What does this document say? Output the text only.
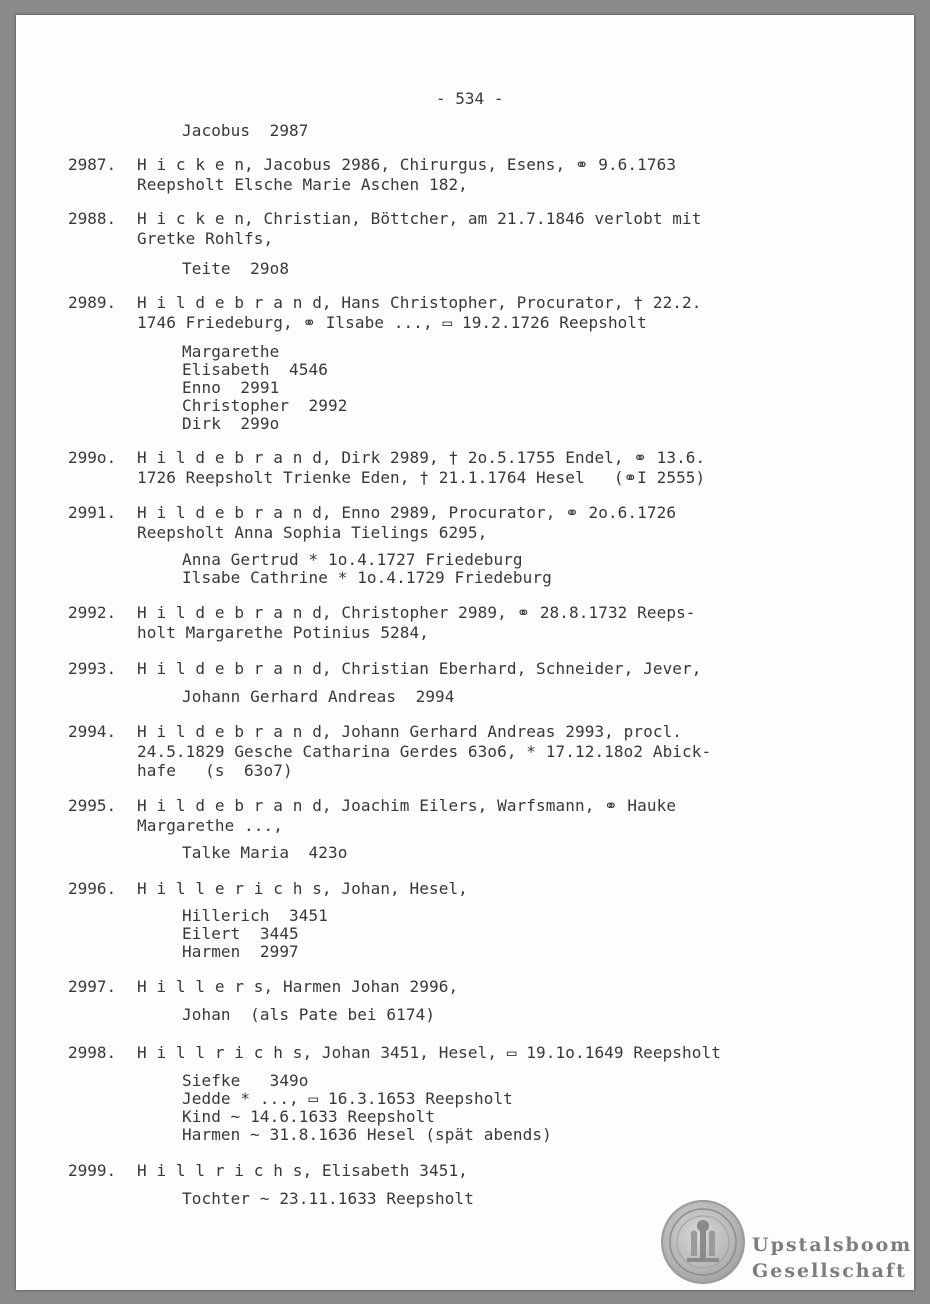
- 534 -
Jacobus  2987
2987. H i c k e n, Jacobus 2986, Chirurgus, Esens, ⚭ 9.6.1763
Reepsholt Elsche Marie Aschen 182,
2988. H i c k e n, Christian, Böttcher, am 21.7.1846 verlobt mit
Gretke Rohlfs,
Teite  29o8
2989. H i l d e b r a n d, Hans Christopher, Procurator, † 22.2.
1746 Friedeburg, ⚭ Ilsabe ..., ▭ 19.2.1726 Reepsholt
Margarethe
Elisabeth  4546
Enno  2991
Christopher  2992
Dirk  299o
299o. H i l d e b r a n d, Dirk 2989, † 2o.5.1755 Endel, ⚭ 13.6.
1726 Reepsholt Trienke Eden, † 21.1.1764 Hesel   (⚭I 2555)
2991. H i l d e b r a n d, Enno 2989, Procurator, ⚭ 2o.6.1726
Reepsholt Anna Sophia Tielings 6295,
Anna Gertrud * 1o.4.1727 Friedeburg
Ilsabe Cathrine * 1o.4.1729 Friedeburg
2992. H i l d e b r a n d, Christopher 2989, ⚭ 28.8.1732 Reeps-
holt Margarethe Potinius 5284,
2993. H i l d e b r a n d, Christian Eberhard, Schneider, Jever,
Johann Gerhard Andreas  2994
2994. H i l d e b r a n d, Johann Gerhard Andreas 2993, procl.
24.5.1829 Gesche Catharina Gerdes 63o6, * 17.12.18o2 Abick-
hafe   (s  63o7)
2995. H i l d e b r a n d, Joachim Eilers, Warfsmann, ⚭ Hauke
Margarethe ...,
Talke Maria  423o
2996. H i l l e r i c h s, Johan, Hesel,
Hillerich  3451
Eilert  3445
Harmen  2997
2997. H i l l e r s, Harmen Johan 2996,
Johan  (als Pate bei 6174)
2998. H i l l r i c h s, Johan 3451, Hesel, ▭ 19.1o.1649 Reepsholt
Siefke   349o
Jedde * ..., ▭ 16.3.1653 Reepsholt
Kind ~ 14.6.1633 Reepsholt
Harmen ~ 31.8.1636 Hesel (spät abends)
2999. H i l l r i c h s, Elisabeth 3451,
Tochter ~ 23.11.1633 Reepsholt
Upstalsboom
Gesellschaft
